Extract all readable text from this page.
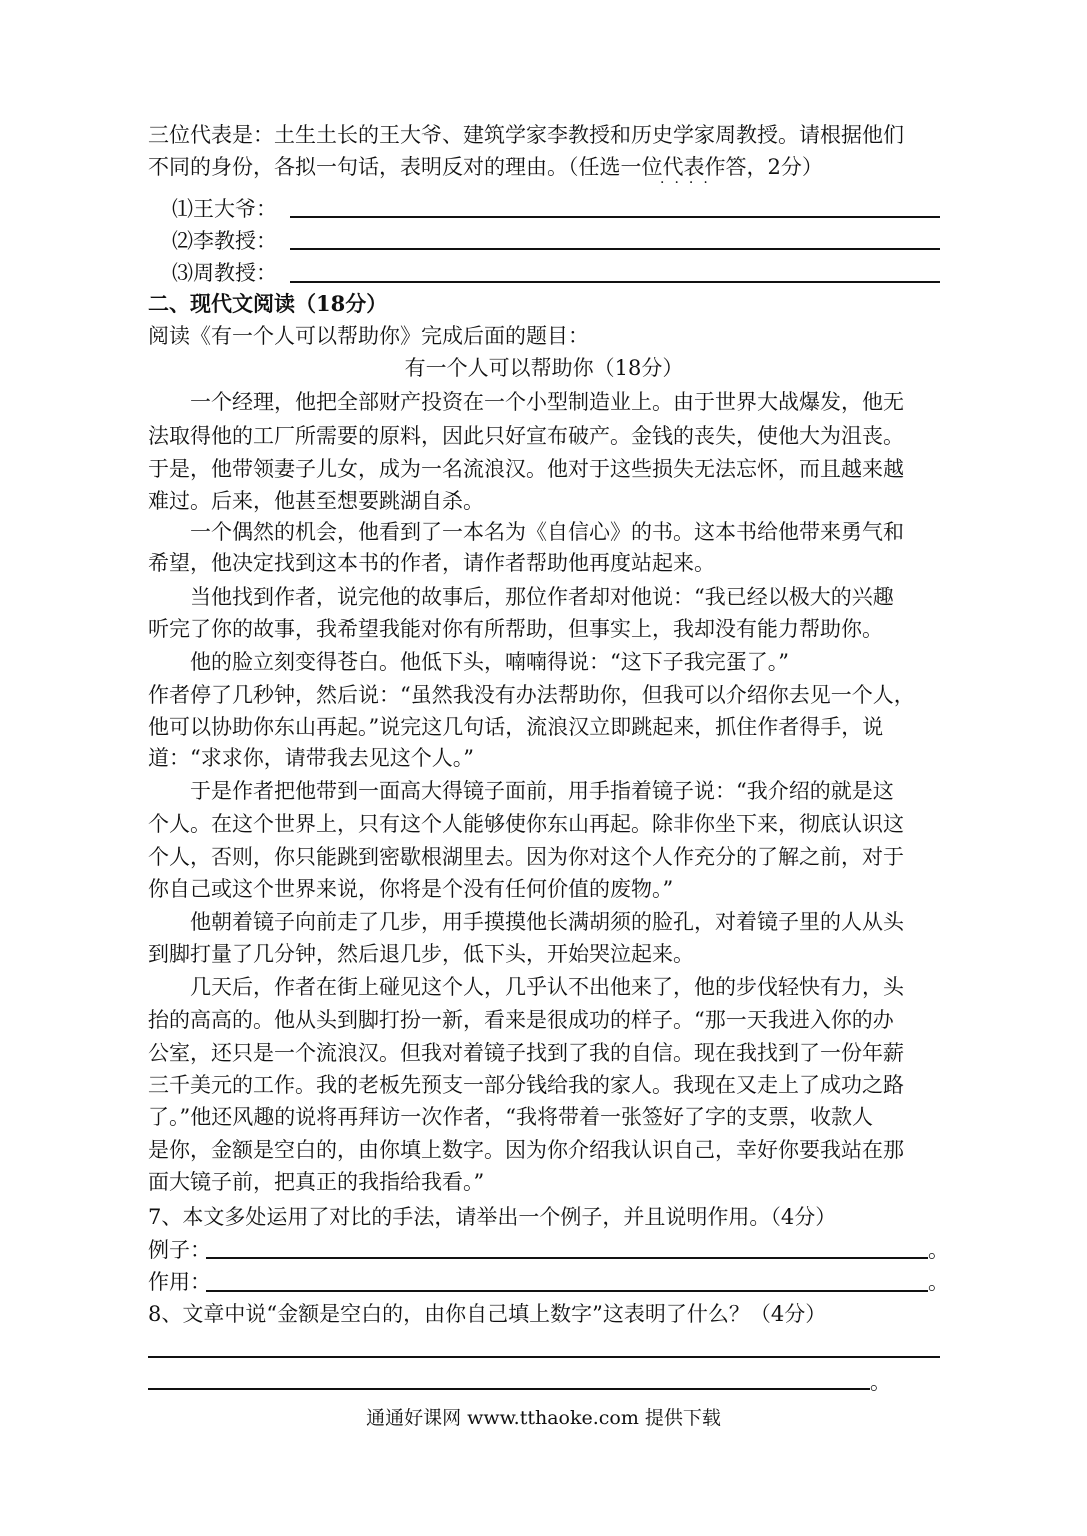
三位代表是：土生土长的王大爷、建筑学家李教授和历史学家周教授。请根据他们
不同的身份，各拟一句话，表明反对的理由。（任选一位代表作答，2分）
····
⑴王大爷：
⑵李教授：
⑶周教授：
二、现代文阅读（18分）
阅读《有一个人可以帮助你》完成后面的题目：
有一个人可以帮助你（18分）
　　一个经理，他把全部财产投资在一个小型制造业上。由于世界大战爆发，他无
法取得他的工厂所需要的原料，因此只好宣布破产。金钱的丧失，使他大为沮丧。
于是，他带领妻子儿女，成为一名流浪汉。他对于这些损失无法忘怀，而且越来越
难过。后来，他甚至想要跳湖自杀。
　　一个偶然的机会，他看到了一本名为《自信心》的书。这本书给他带来勇气和
希望，他决定找到这本书的作者，请作者帮助他再度站起来。
　　当他找到作者，说完他的故事后，那位作者却对他说：“我已经以极大的兴趣
听完了你的故事，我希望我能对你有所帮助，但事实上，我却没有能力帮助你。
　　他的脸立刻变得苍白。他低下头，喃喃得说：“这下子我完蛋了。”
作者停了几秒钟，然后说：“虽然我没有办法帮助你，但我可以介绍你去见一个人，
他可以协助你东山再起。”说完这几句话，流浪汉立即跳起来，抓住作者得手，说
道：“求求你，请带我去见这个人。”
　　于是作者把他带到一面高大得镜子面前，用手指着镜子说：“我介绍的就是这
个人。在这个世界上，只有这个人能够使你东山再起。除非你坐下来，彻底认识这
个人，否则，你只能跳到密歇根湖里去。因为你对这个人作充分的了解之前，对于
你自己或这个世界来说，你将是个没有任何价值的废物。”
　　他朝着镜子向前走了几步，用手摸摸他长满胡须的脸孔，对着镜子里的人从头
到脚打量了几分钟，然后退几步，低下头，开始哭泣起来。
　　几天后，作者在街上碰见这个人，几乎认不出他来了，他的步伐轻快有力，头
抬的高高的。他从头到脚打扮一新，看来是很成功的样子。“那一天我进入你的办
公室，还只是一个流浪汉。但我对着镜子找到了我的自信。现在我找到了一份年薪
三千美元的工作。我的老板先预支一部分钱给我的家人。我现在又走上了成功之路
了。”他还风趣的说将再拜访一次作者，“我将带着一张签好了字的支票，收款人
是你，金额是空白的，由你填上数字。因为你介绍我认识自己，幸好你要我站在那
面大镜子前，把真正的我指给我看。”
7、本文多处运用了对比的手法，请举出一个例子，并且说明作用。（4分）
例子：	。
作用：	。
8、文章中说“金额是空白的，由你自己填上数字”这表明了什么？（4分）
。
通通好课网 www.tthaoke.com 提供下载
